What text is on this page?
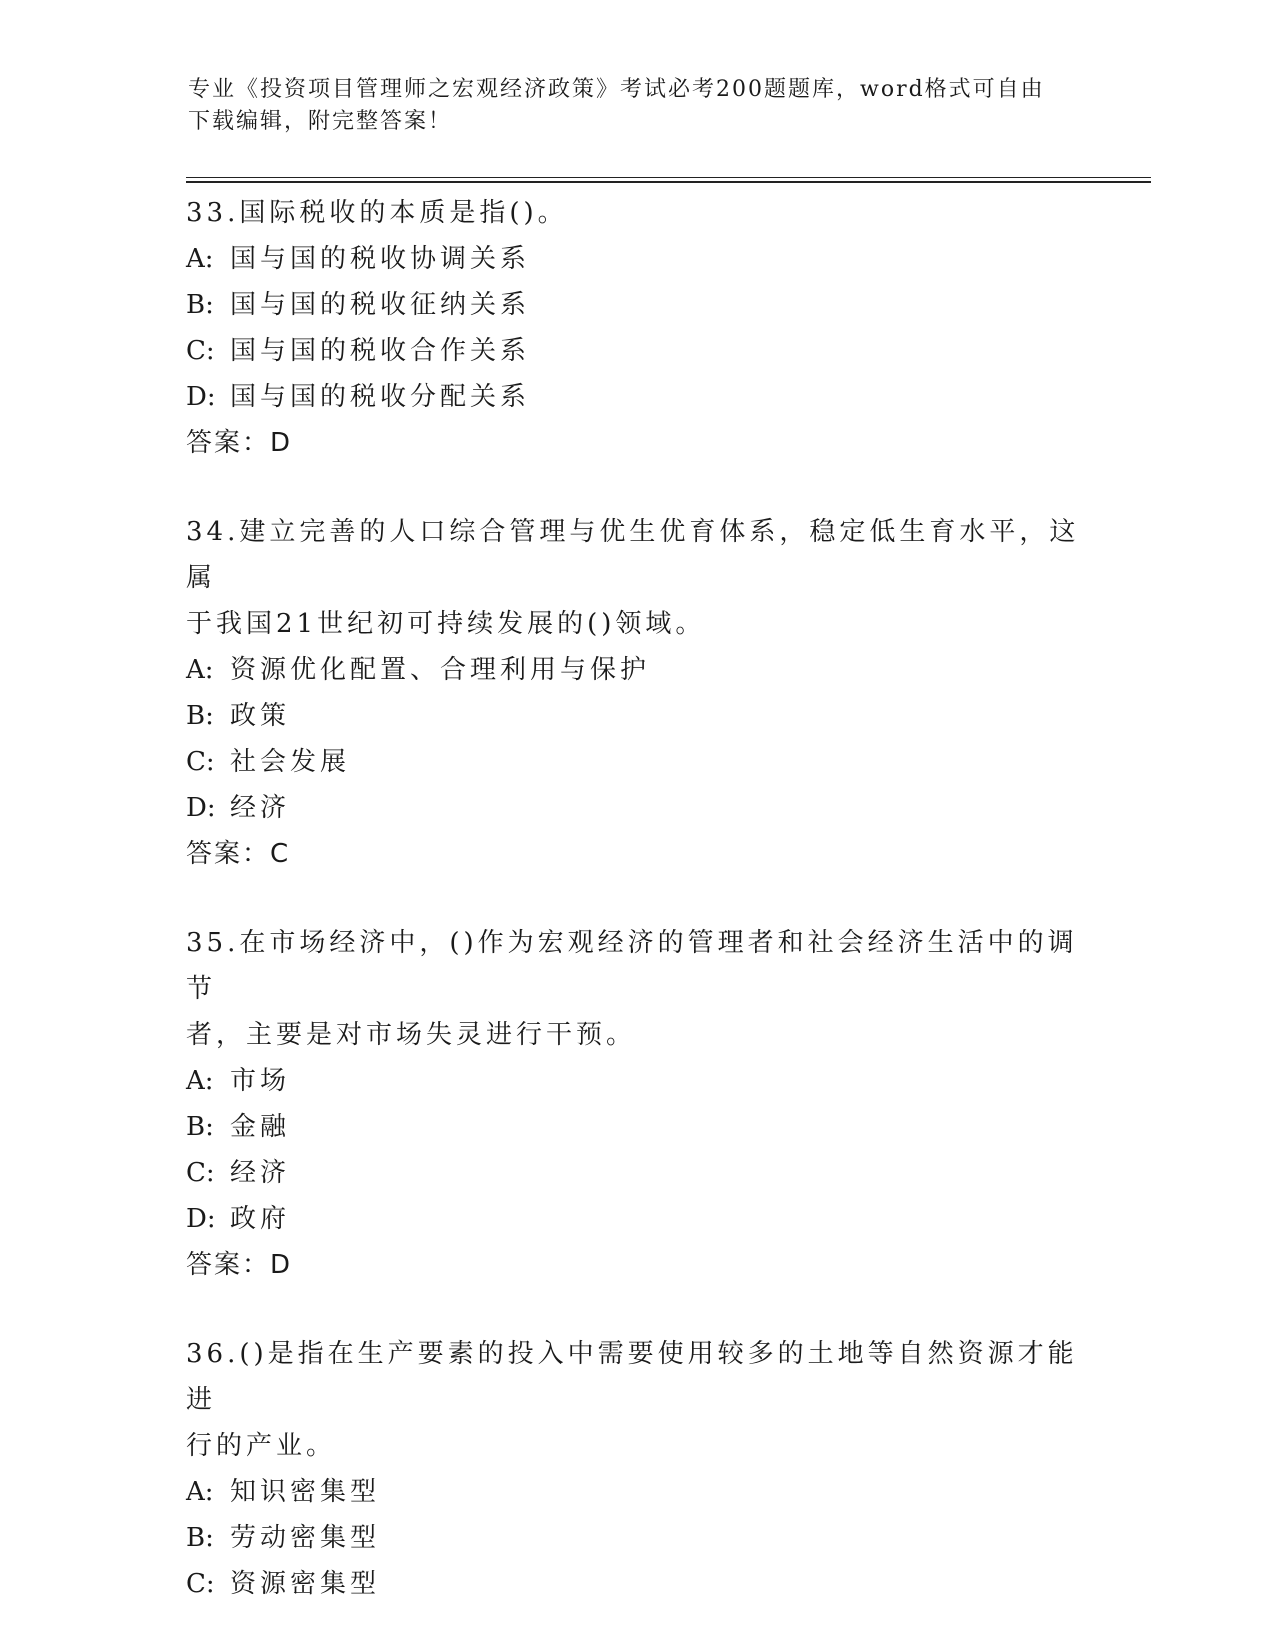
专业《投资项目管理师之宏观经济政策》考试必考200题题库，word格式可自由
下载编辑，附完整答案！

33.国际税收的本质是指()。

A: 国与国的税收协调关系

B: 国与国的税收征纳关系

C: 国与国的税收合作关系

D: 国与国的税收分配关系

答案：D

34.建立完善的人口综合管理与优生优育体系，稳定低生育水平，这属

于我国21世纪初可持续发展的()领域。

A: 资源优化配置、合理利用与保护

B: 政策

C: 社会发展

D: 经济

答案：C

35.在市场经济中，()作为宏观经济的管理者和社会经济生活中的调节

者，主要是对市场失灵进行干预。

A: 市场

B: 金融

C: 经济

D: 政府

答案：D

36.()是指在生产要素的投入中需要使用较多的土地等自然资源才能进

行的产业。

A: 知识密集型

B: 劳动密集型

C: 资源密集型
